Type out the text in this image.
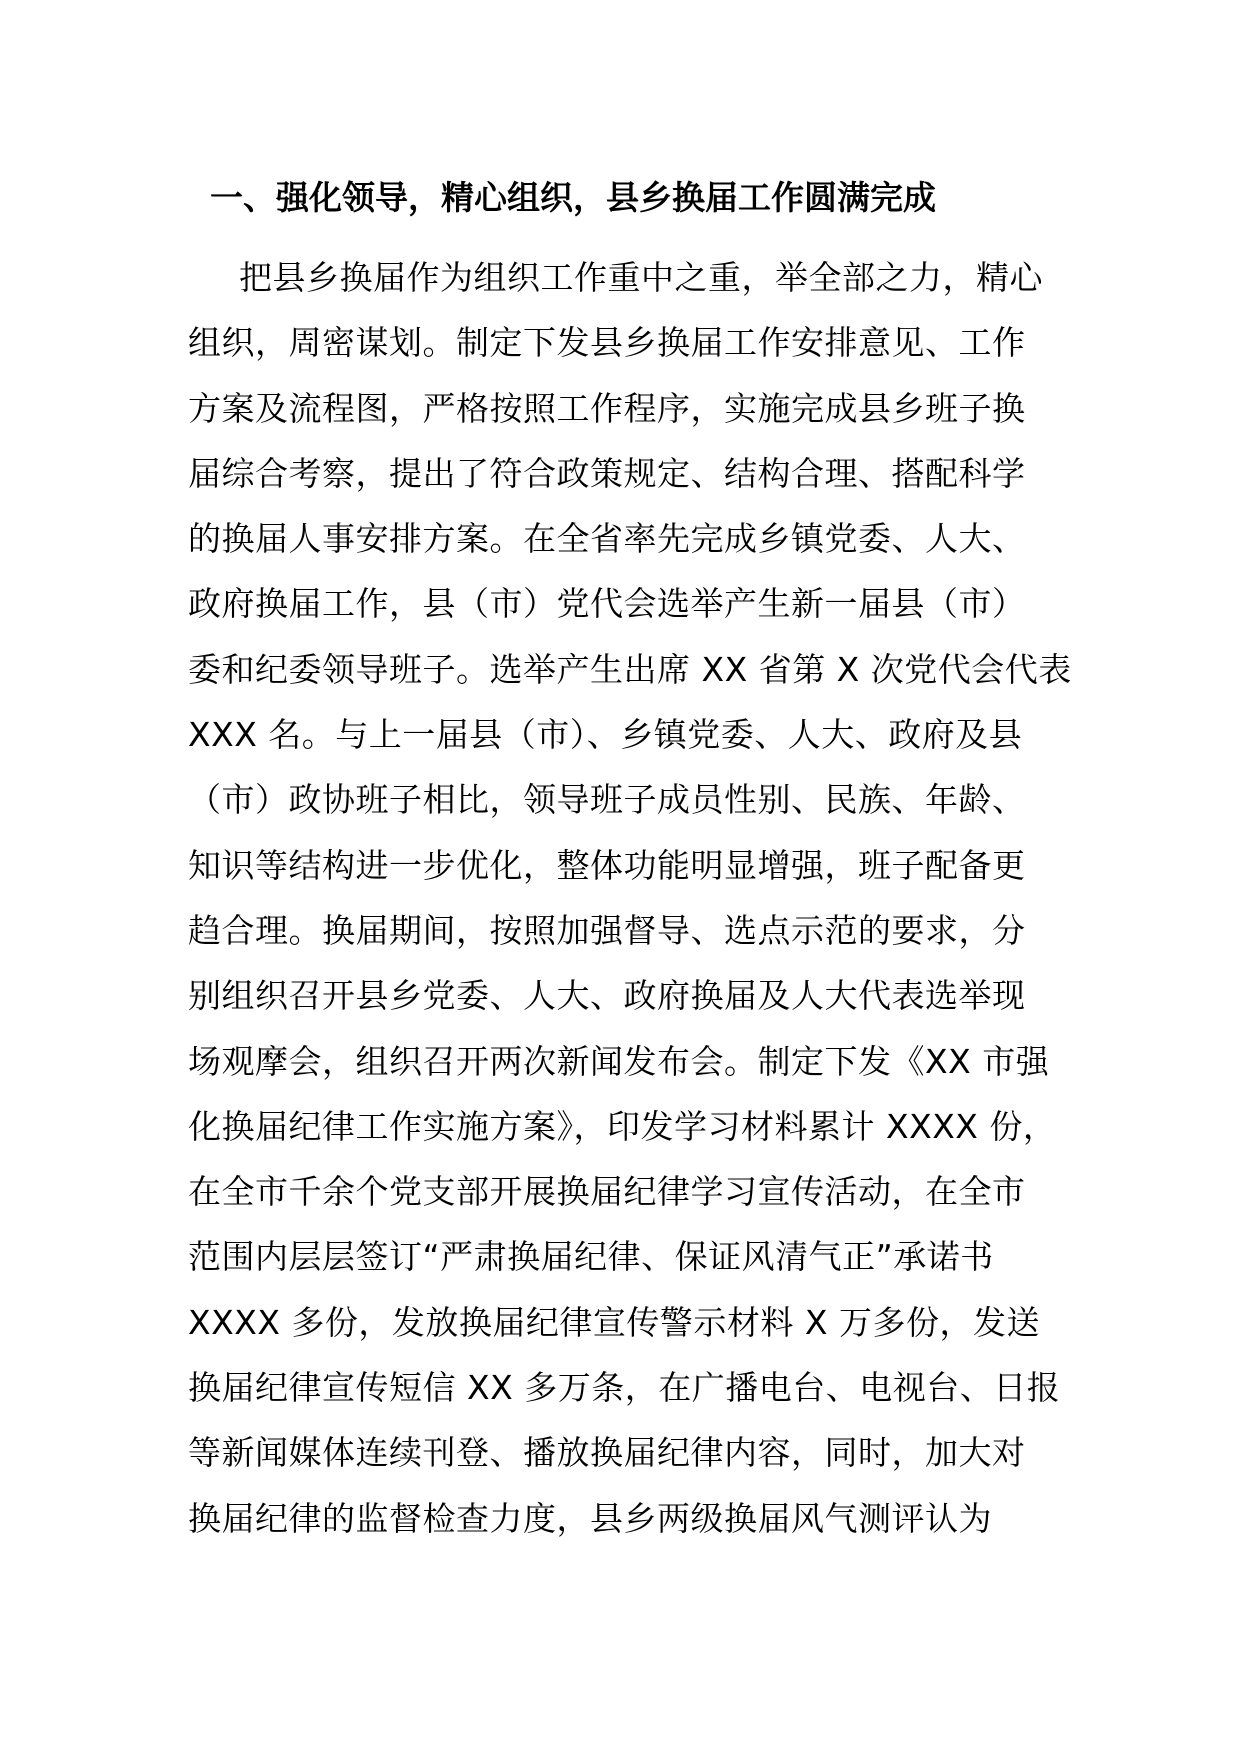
一、强化领导，精心组织，县乡换届工作圆满完成
把县乡换届作为组织工作重中之重，举全部之力，精心
组织，周密谋划。制定下发县乡换届工作安排意见、工作
方案及流程图，严格按照工作程序，实施完成县乡班子换
届综合考察，提出了符合政策规定、结构合理、搭配科学
的换届人事安排方案。在全省率先完成乡镇党委、人大、
政府换届工作，县（市）党代会选举产生新一届县（市）
委和纪委领导班子。选举产生出席 XX 省第 X 次党代会代表
XXX 名。与上一届县（市）、乡镇党委、人大、政府及县
（市）政协班子相比，领导班子成员性别、民族、年龄、
知识等结构进一步优化，整体功能明显增强，班子配备更
趋合理。换届期间，按照加强督导、选点示范的要求，分
别组织召开县乡党委、人大、政府换届及人大代表选举现
场观摩会，组织召开两次新闻发布会。制定下发《XX 市强
化换届纪律工作实施方案》，印发学习材料累计 XXXX 份，
在全市千余个党支部开展换届纪律学习宣传活动，在全市
范围内层层签订“严肃换届纪律、保证风清气正”承诺书
XXXX 多份，发放换届纪律宣传警示材料 X 万多份，发送
换届纪律宣传短信 XX 多万条，在广播电台、电视台、日报
等新闻媒体连续刊登、播放换届纪律内容，同时，加大对
换届纪律的监督检查力度，县乡两级换届风气测评认为
